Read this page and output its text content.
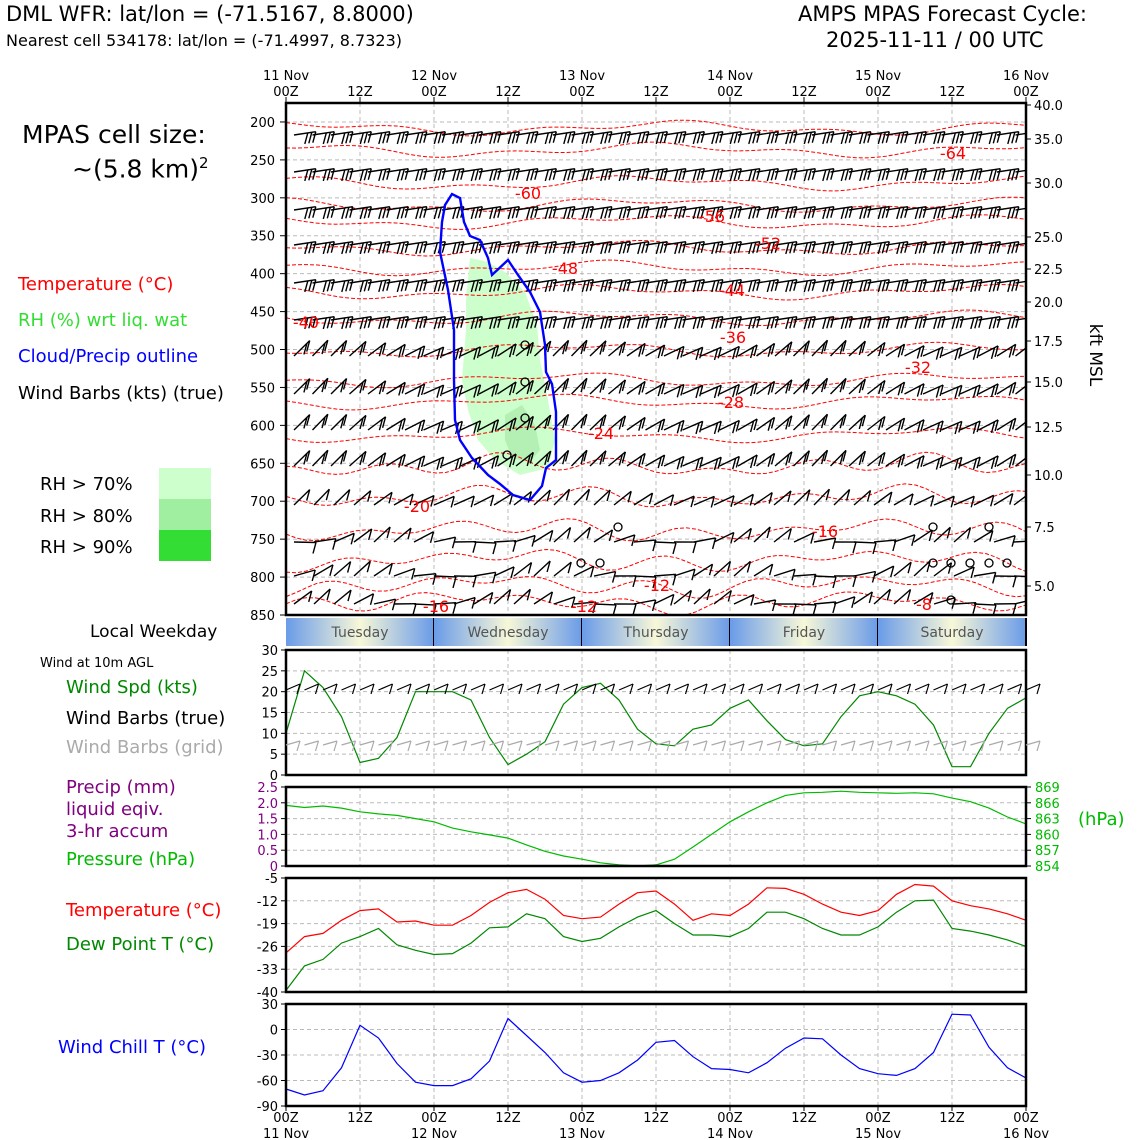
DML WFR: lat/lon = (-71.5167, 8.8000)
Nearest cell 534178: lat/lon = (-71.4997, 8.7323)
AMPS MPAS Forecast Cycle:
2025-11-11 / 00 UTC
MPAS cell size:
~(5.8 km)$^2$
Temperature (°C)
RH (%) wrt liq. wat
Cloud/Precip outline
Wind Barbs (kts) (true)
RH > 70%
RH > 80%
RH > 90%
Local Weekday
Wind at 10m AGL
Wind Spd (kts)
Wind Barbs (true)
Wind Barbs (grid)
Precip (mm)
liquid eqiv.
3-hr accum
Pressure (hPa)
(hPa)
Temperature (°C)
Dew Point T (°C)
Wind Chill T (°C)
200
250
300
350
400
450
500
550
600
650
700
750
800
850
40.0
35.0
30.0
25.0
22.5
20.0
17.5
15.0
12.5
10.0
7.5
5.0
kft MSL
00Z	12Z	00Z	12Z	00Z	12Z	00Z	12Z	00Z	12Z	00Z
11 Nov	12 Nov	13 Nov	14 Nov	15 Nov	16 Nov
-64
-60
-56
-52
-48
-44
-40
-36
-32
-28
-24
-20
-16
-16
-12
-12
-8
Tuesday	Wednesday	Thursday	Friday	Saturday
30
25
20
15
10
5
0
2.5
2.0
1.5
1.0
0.5
0
869
866
863
860
857
854
-5
-12
-19
-26
-33
-40
30
0
-30
-60
-90
00Z	12Z	00Z	12Z	00Z	12Z	00Z	12Z	00Z	12Z	00Z
11 Nov	12 Nov	13 Nov	14 Nov	15 Nov	16 Nov
